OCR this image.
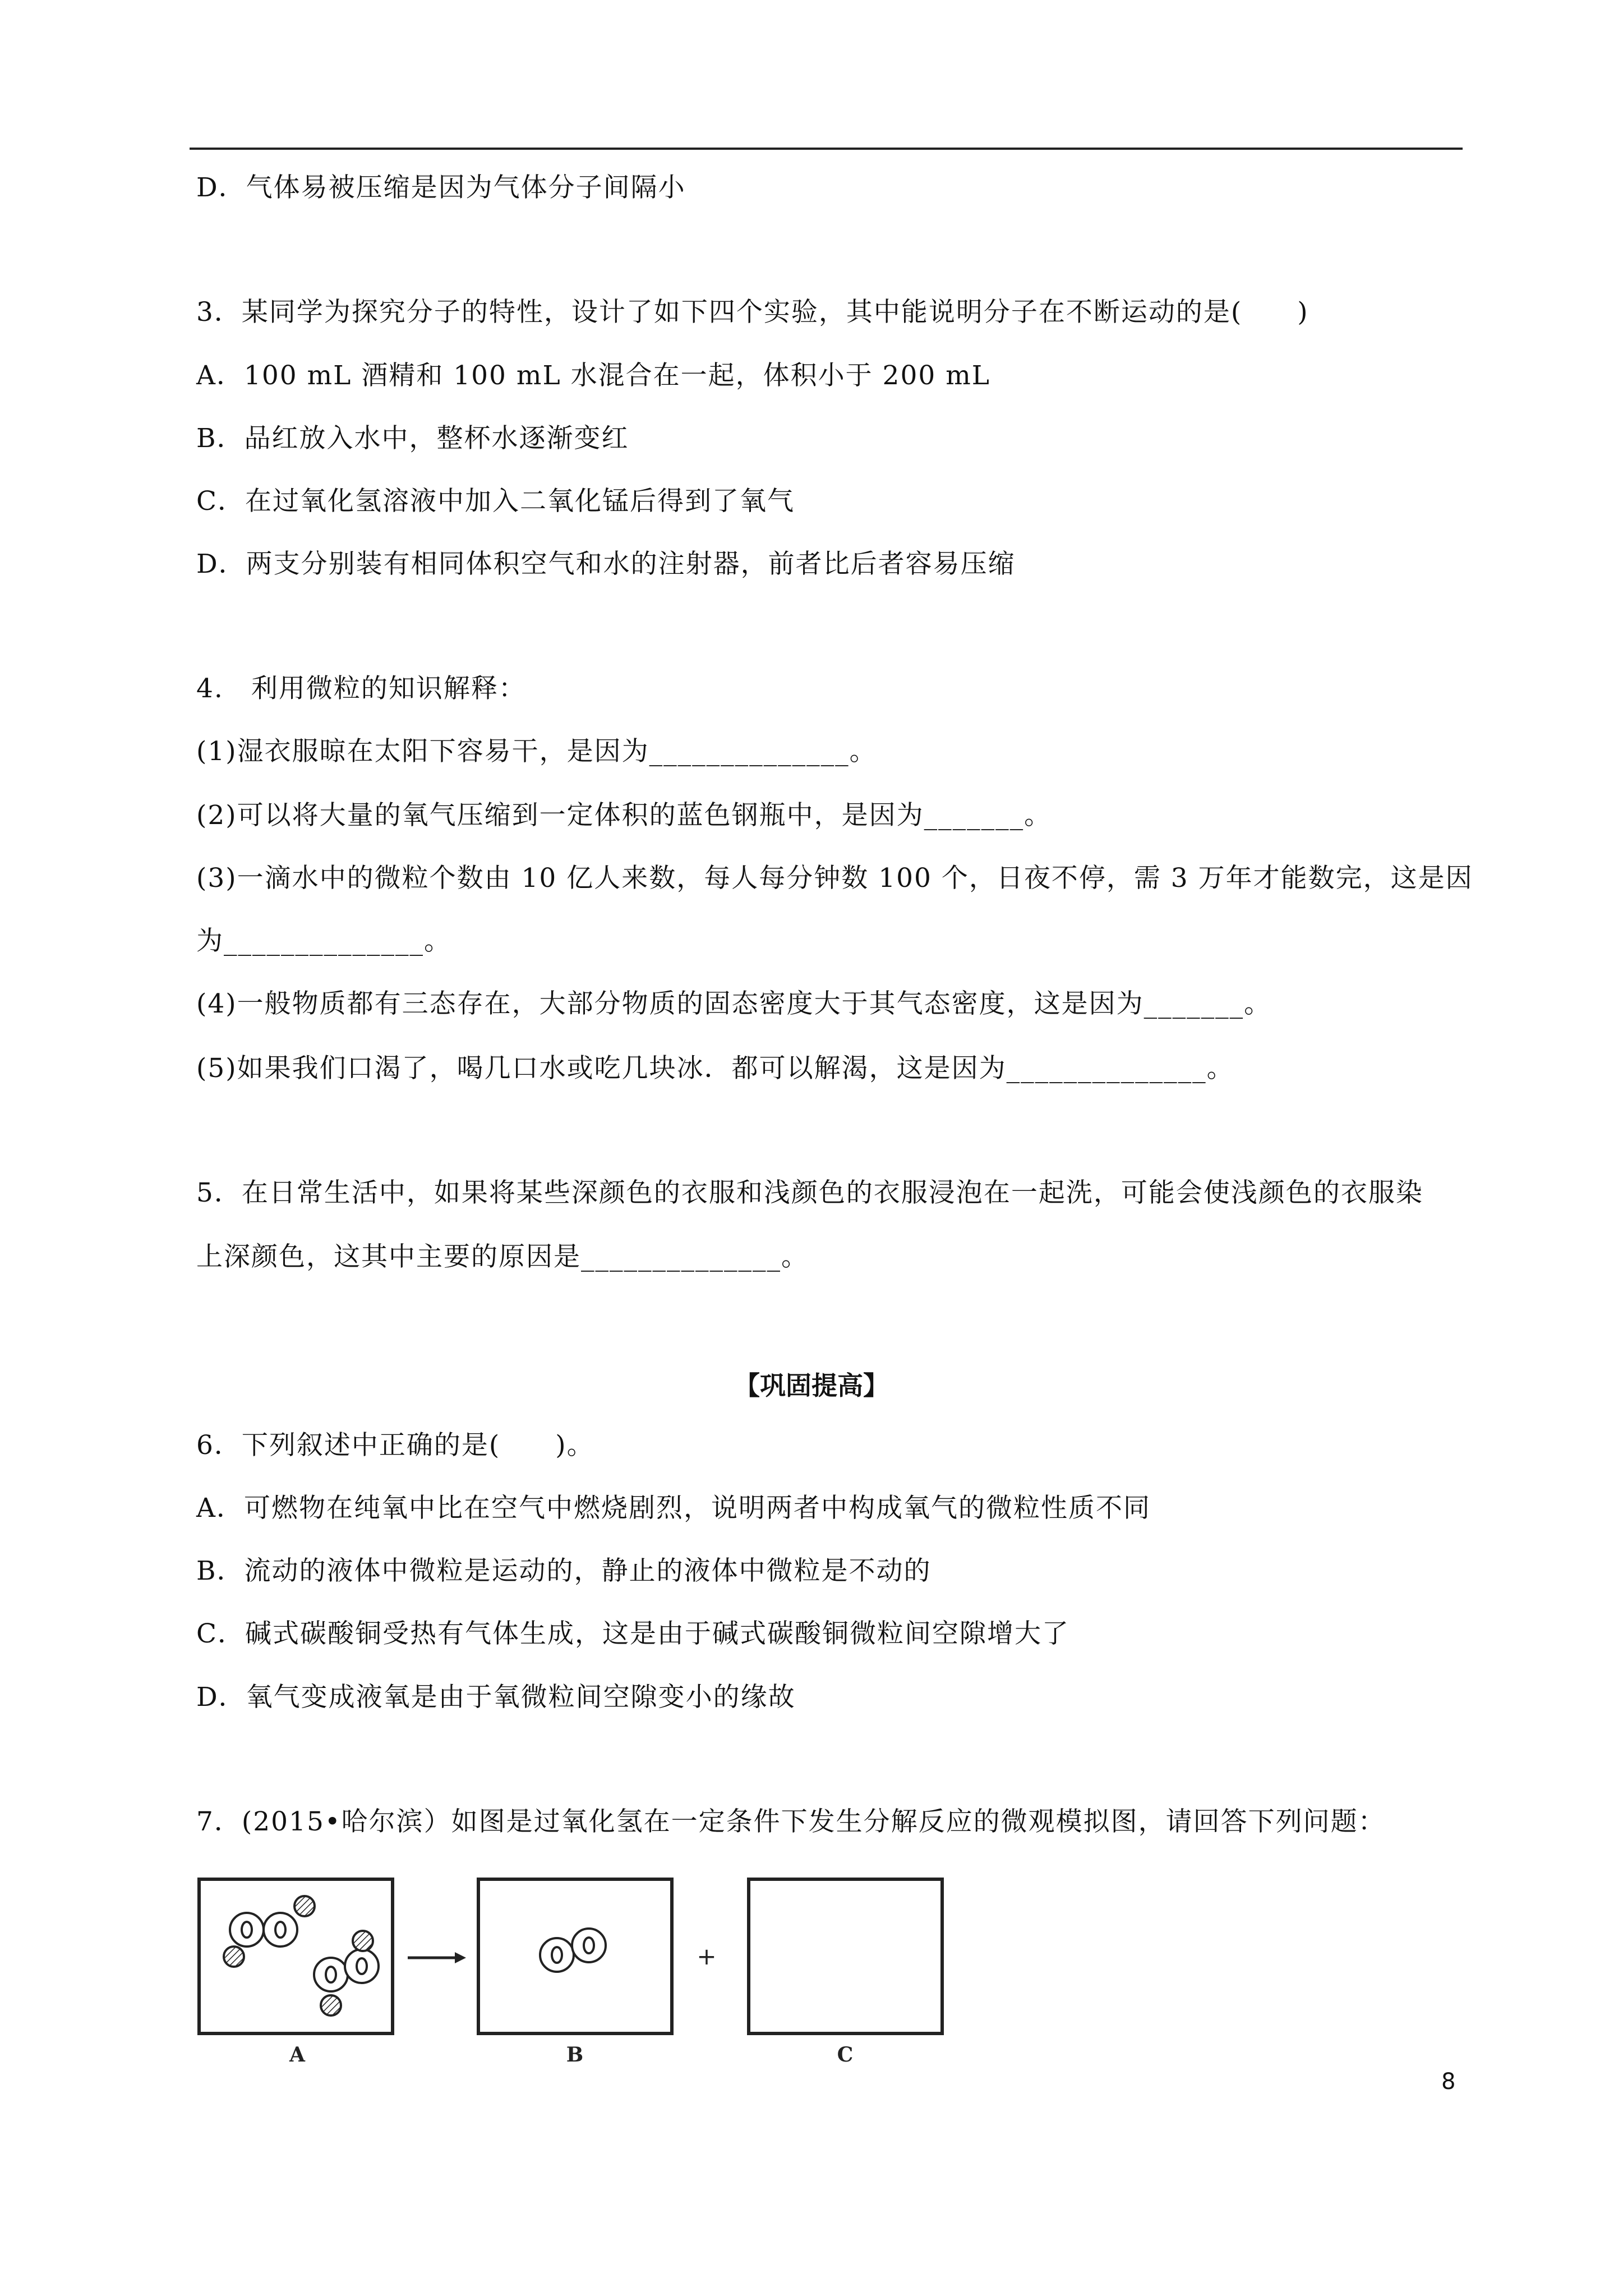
D．气体易被压缩是因为气体分子间隔小
3．某同学为探究分子的特性，设计了如下四个实验，其中能说明分子在不断运动的是(　　)
A．100 mL 酒精和 100 mL 水混合在一起，体积小于 200 mL
B．品红放入水中，整杯水逐渐变红
C．在过氧化氢溶液中加入二氧化锰后得到了氧气
D．两支分别装有相同体积空气和水的注射器，前者比后者容易压缩
4.　利用微粒的知识解释：
(1)湿衣服晾在太阳下容易干，是因为______________。
(2)可以将大量的氧气压缩到一定体积的蓝色钢瓶中，是因为_______。
(3)一滴水中的微粒个数由 10 亿人来数，每人每分钟数 100 个，日夜不停，需 3 万年才能数完，这是因
为______________。
(4)一般物质都有三态存在，大部分物质的固态密度大于其气态密度，这是因为_______。
(5)如果我们口渴了，喝几口水或吃几块冰．都可以解渴，这是因为______________。
5．在日常生活中，如果将某些深颜色的衣服和浅颜色的衣服浸泡在一起洗，可能会使浅颜色的衣服染
上深颜色，这其中主要的原因是______________。
【巩固提高】
6．下列叙述中正确的是(　　)。
A．可燃物在纯氧中比在空气中燃烧剧烈，说明两者中构成氧气的微粒性质不同
B．流动的液体中微粒是运动的，静止的液体中微粒是不动的
C．碱式碳酸铜受热有气体生成，这是由于碱式碳酸铜微粒间空隙增大了
D．氧气变成液氧是由于氧微粒间空隙变小的缘故
7．(2015•哈尔滨）如图是过氧化氢在一定条件下发生分解反应的微观模拟图，请回答下列问题：
+
A	B	C
8
